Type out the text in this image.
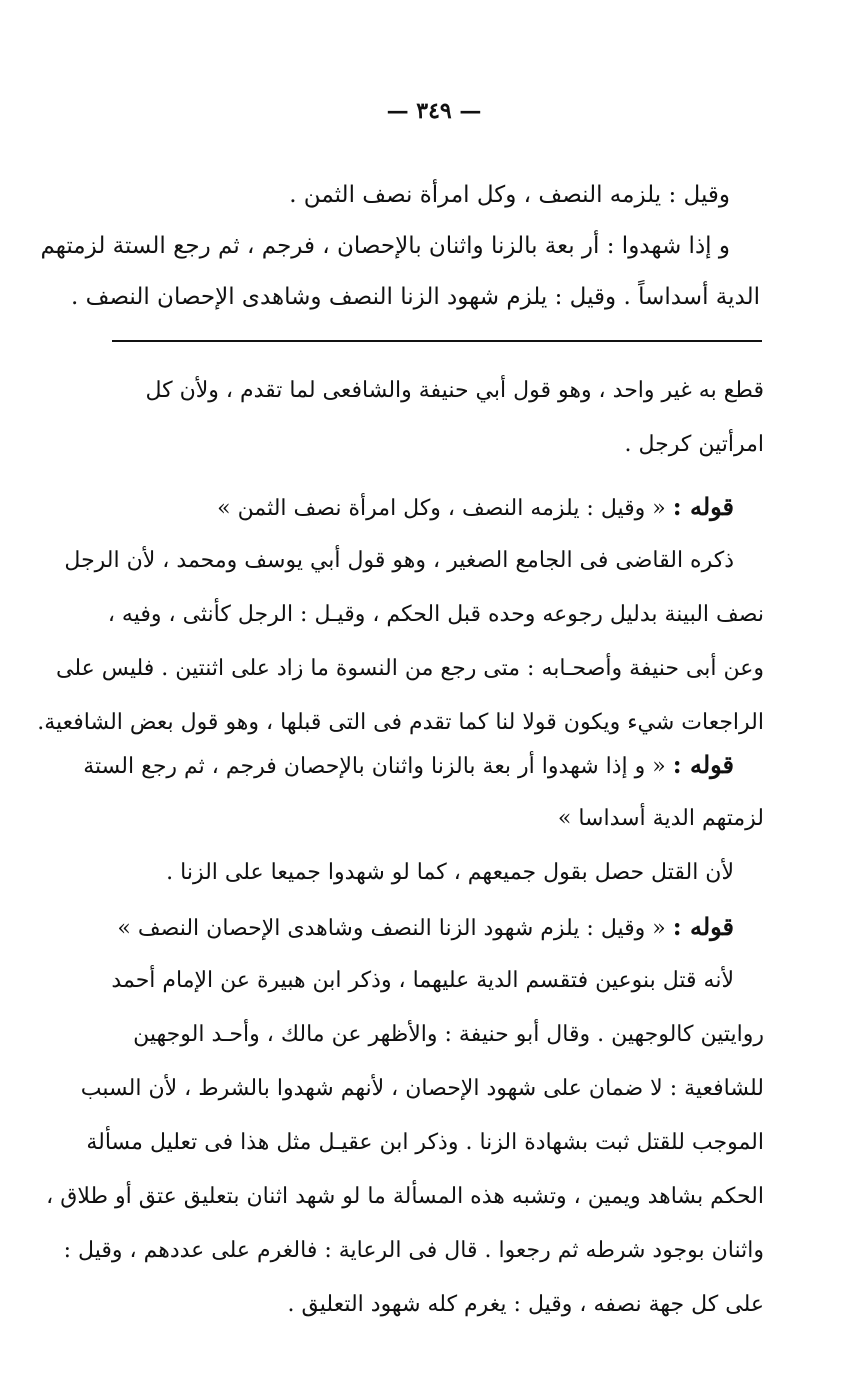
— ٣٤٩ —
وقيل : يلزمه النصف ، وكل امرأة نصف الثمن .
و إذا شهدوا : أر بعة بالزنا واثنان بالإحصان ، فرجم ، ثم رجع الستة لزمتهم
الدية أسداساً . وقيل : يلزم شهود الزنا النصف وشاهدى الإحصان النصف .
قطع به غير واحد ، وهو قول أبي حنيفة والشافعى لما تقدم ، ولأن كل
امرأتين كرجل .
قوله : « وقيل : يلزمه النصف ، وكل امرأة نصف الثمن »
ذكره القاضى فى الجامع الصغير ، وهو قول أبي يوسف ومحمد ، لأن الرجل
نصف البينة بدليل رجوعه وحده قبل الحكم ، وقيـل : الرجل كأنثى ، وفيه ،
وعن أبى حنيفة وأصحـابه : متى رجع من النسوة ما زاد على اثنتين . فليس على
الراجعات شيء ويكون قولا لنا كما تقدم فى التى قبلها ، وهو قول بعض الشافعية.
قوله : « و إذا شهدوا أر بعة بالزنا واثنان بالإحصان فرجم ، ثم رجع الستة
لزمتهم الدية أسداسا »
لأن القتل حصل بقول جميعهم ، كما لو شهدوا جميعا على الزنا .
قوله : « وقيل : يلزم شهود الزنا النصف وشاهدى الإحصان النصف »
لأنه قتل بنوعين فتقسم الدية عليهما ، وذكر ابن هبيرة عن الإمام أحمد
روايتين كالوجهين . وقال أبو حنيفة : والأظهر عن مالك ، وأحـد الوجهين
للشافعية : لا ضمان على شهود الإحصان ، لأنهم شهدوا بالشرط ، لأن السبب
الموجب للقتل ثبت بشهادة الزنا . وذكر ابن عقيـل مثل هذا فى تعليل مسألة
الحكم بشاهد ويمين ، وتشبه هذه المسألة ما لو شهد اثنان بتعليق عتق أو طلاق ،
واثنان بوجود شرطه ثم رجعوا . قال فى الرعاية : فالغرم على عددهم ، وقيل :
على كل جهة نصفه ، وقيل : يغرم كله شهود التعليق .
